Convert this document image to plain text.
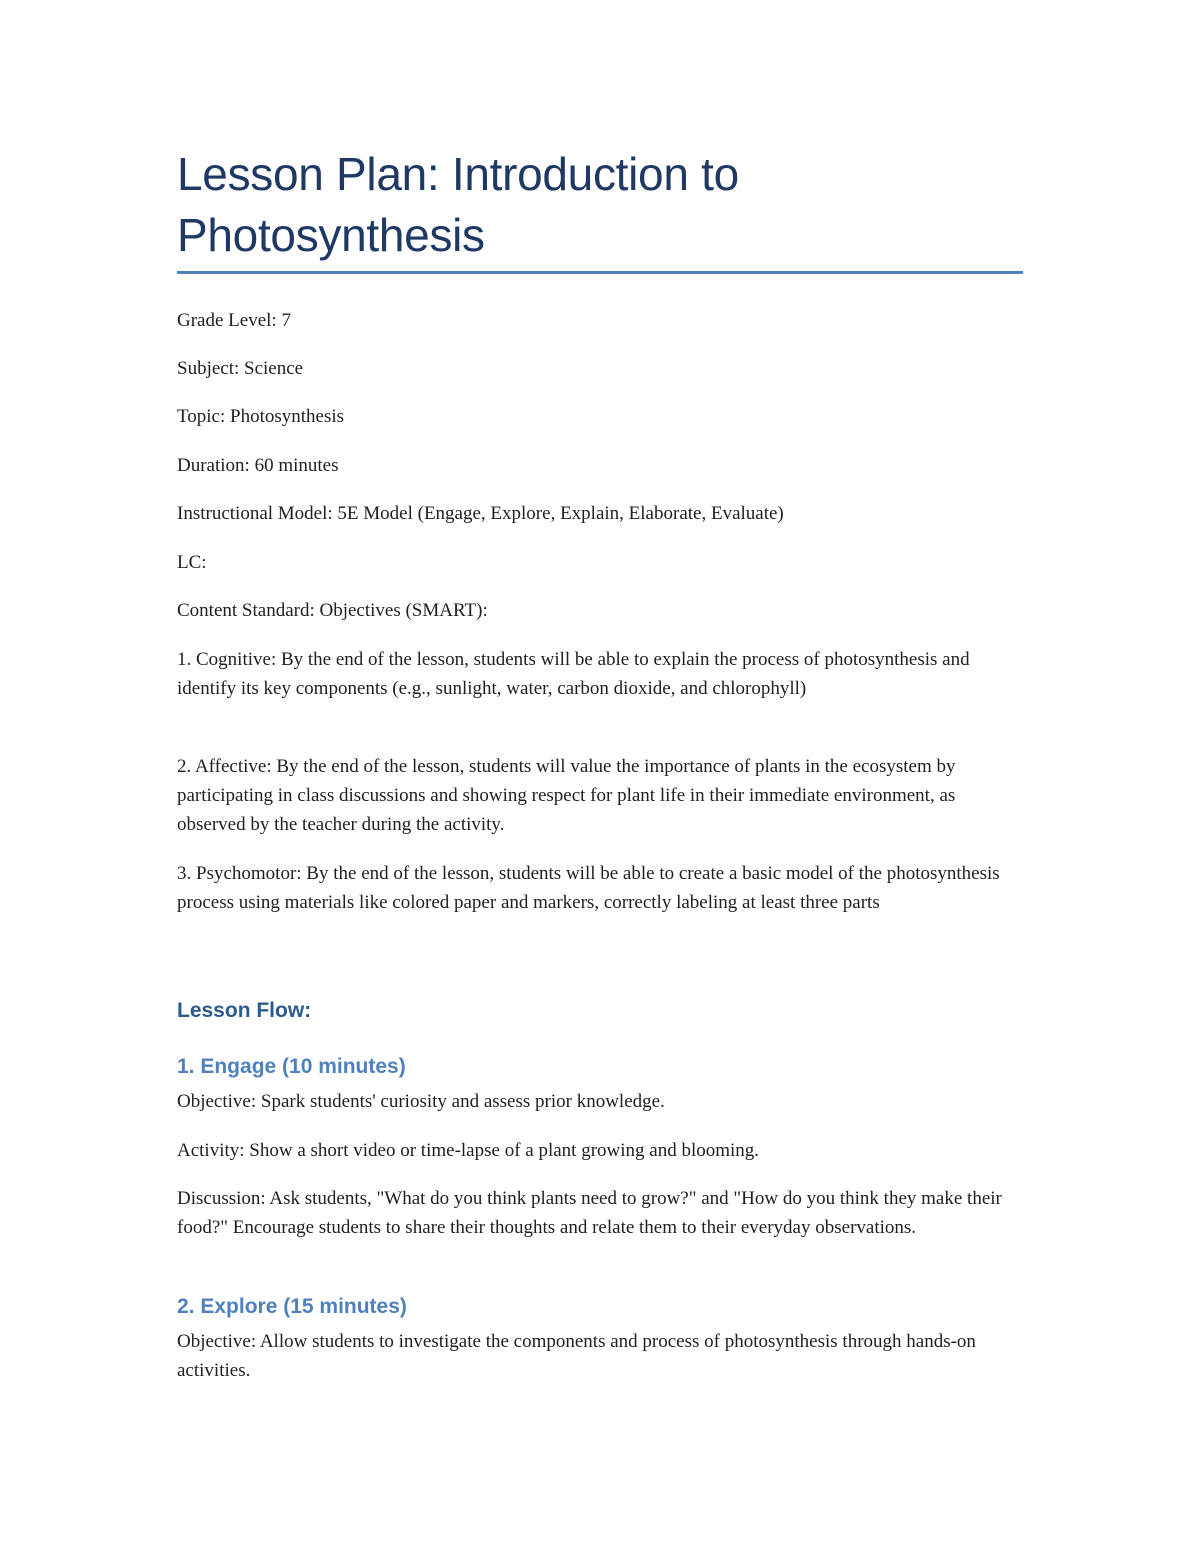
Lesson Plan: Introduction to Photosynthesis

Grade Level: 7

Subject: Science

Topic: Photosynthesis

Duration: 60 minutes

Instructional Model: 5E Model (Engage, Explore, Explain, Elaborate, Evaluate)

LC:

Content Standard: Objectives (SMART):

1. Cognitive: By the end of the lesson, students will be able to explain the process of photosynthesis and identify its key components (e.g., sunlight, water, carbon dioxide, and chlorophyll)

2. Affective: By the end of the lesson, students will value the importance of plants in the ecosystem by participating in class discussions and showing respect for plant life in their immediate environment, as observed by the teacher during the activity.

3. Psychomotor: By the end of the lesson, students will be able to create a basic model of the photosynthesis process using materials like colored paper and markers, correctly labeling at least three parts

Lesson Flow:
1. Engage (10 minutes)

Objective: Spark students' curiosity and assess prior knowledge.

Activity: Show a short video or time-lapse of a plant growing and blooming.

Discussion: Ask students, "What do you think plants need to grow?" and "How do you think they make their food?" Encourage students to share their thoughts and relate them to their everyday observations.

2. Explore (15 minutes)

Objective: Allow students to investigate the components and process of photosynthesis through hands-on activities.
